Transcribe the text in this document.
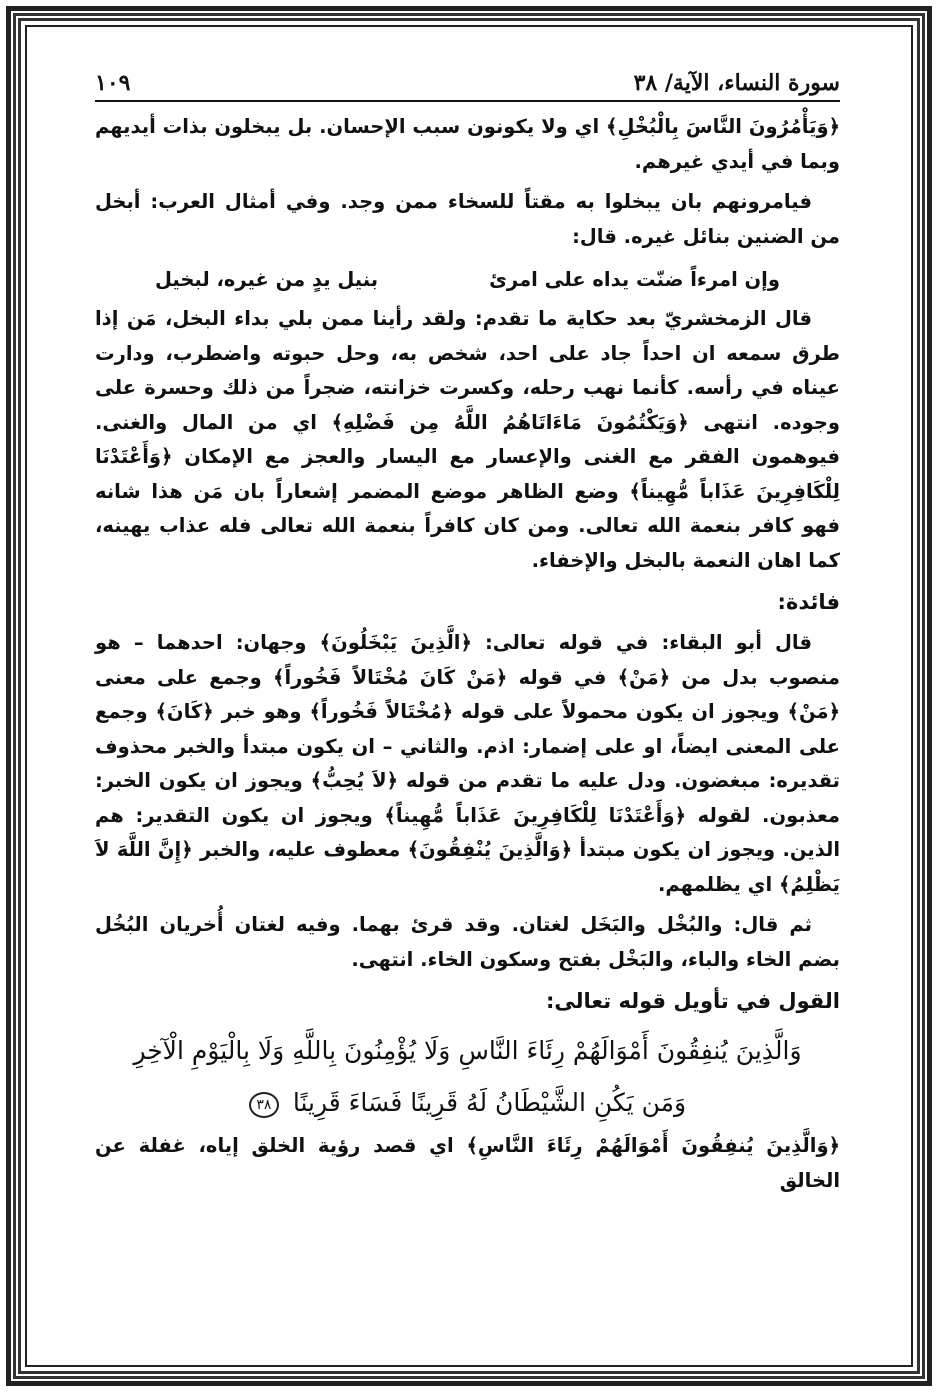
سورة النساء، الآية/ ٣٨
١٠٩

﴿وَيَأْمُرُونَ النَّاسَ بِالْبُخْلِ﴾ اي ولا يكونون سبب الإحسان. بل يبخلون بذات أيديهم وبما في أيدي غيرهم.

فيامرونهم بان يبخلوا به مقتاً للسخاء ممن وجد. وفي أمثال العرب: أبخل من الضنين بنائل غيره. قال:

وإن امرءاً ضنّت يداه على امرئ
بنيل يدٍ من غيره، لبخيل

قال الزمخشريّ بعد حكاية ما تقدم: ولقد رأينا ممن بلي بداء البخل، مَن إذا طرق سمعه ان احداً جاد على احد، شخص به، وحل حبوته واضطرب، ودارت عيناه في رأسه. كأنما نهب رحله، وكسرت خزانته، ضجراً من ذلك وحسرة على وجوده. انتهى ﴿وَيَكْتُمُونَ مَاءَاتَاهُمُ اللَّهُ مِن فَضْلِهِ﴾ اي من المال والغنى. فيوهمون الفقر مع الغنى والإعسار مع اليسار والعجز مع الإمكان ﴿وَأَعْتَدْنَا لِلْكَافِرِينَ عَذَاباً مُّهِيناً﴾ وضع الظاهر موضع المضمر إشعاراً بان مَن هذا شانه فهو كافر بنعمة الله تعالى. ومن كان كافراً بنعمة الله تعالى فله عذاب يهينه، كما اهان النعمة بالبخل والإخفاء.

فائدة:

قال أبو البقاء: في قوله تعالى: ﴿الَّذِينَ يَبْخَلُونَ﴾ وجهان: احدهما – هو منصوب بدل من ﴿مَنْ﴾ في قوله ﴿مَنْ كَانَ مُخْتَالاً فَخُوراً﴾ وجمع على معنى ﴿مَنْ﴾ ويجوز ان يكون محمولاً على قوله ﴿مُخْتَالاً فَخُوراً﴾ وهو خبر ﴿كَانَ﴾ وجمع على المعنى ايضاً، او على إضمار: اذم. والثاني – ان يكون مبتدأ والخبر محذوف تقديره: مبغضون. ودل عليه ما تقدم من قوله ﴿لاَ يُحِبُّ﴾ ويجوز ان يكون الخبر: معذبون. لقوله ﴿وَأَعْتَدْنَا لِلْكَافِرِينَ عَذَاباً مُّهِيناً﴾ ويجوز ان يكون التقدير: هم الذين. ويجوز ان يكون مبتدأ ﴿وَالَّذِينَ يُنْفِقُونَ﴾ معطوف عليه، والخبر ﴿إِنَّ اللَّهَ لاَ يَظْلِمُ﴾ اي يظلمهم.

ثم قال: والبُخْل والبَخَل لغتان. وقد قرئ بهما. وفيه لغتان أُخريان البُخُل بضم الخاء والباء، والبَخْل بفتح وسكون الخاء. انتهى.

القول في تأويل قوله تعالى:
وَالَّذِينَ يُنفِقُونَ أَمْوَالَهُمْ رِئَاءَ النَّاسِ وَلَا يُؤْمِنُونَ بِاللَّهِ وَلَا بِالْيَوْمِ الْآخِرِ
وَمَن يَكُنِ الشَّيْطَانُ لَهُ قَرِينًا فَسَاءَ قَرِينًا ٣٨

﴿وَالَّذِينَ يُنفِقُونَ أَمْوَالَهُمْ رِئَاءَ النَّاسِ﴾ اي قصد رؤية الخلق إياه، غفلة عن الخالق
